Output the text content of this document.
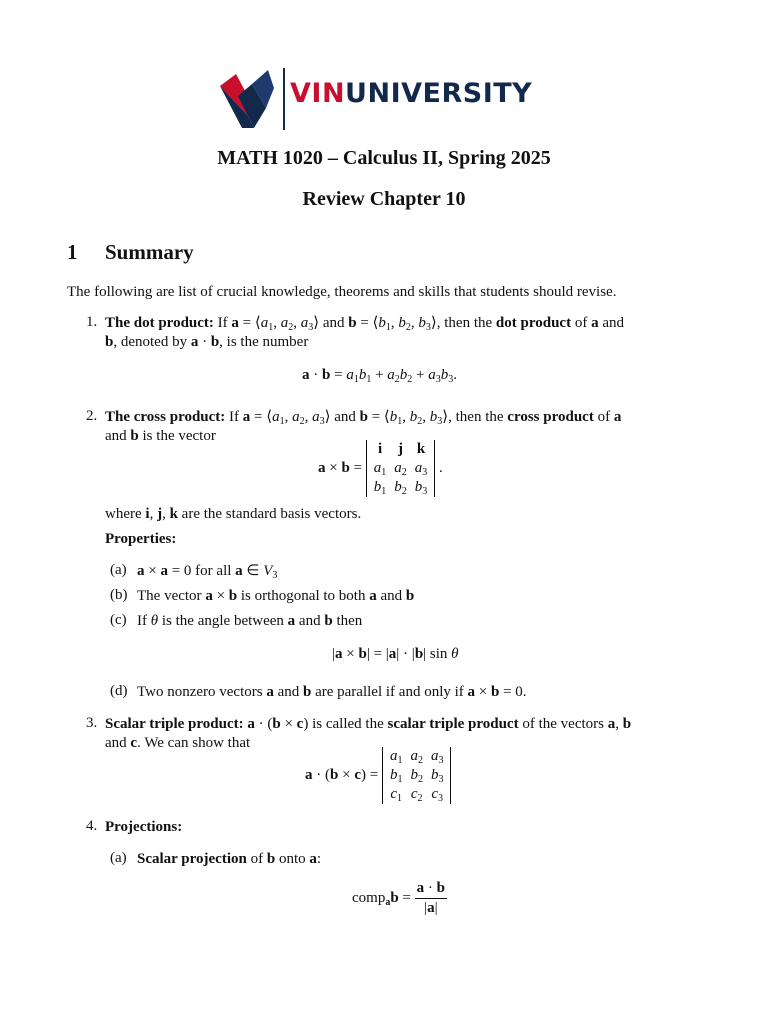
VINUNIVERSITY
MATH 1020 – Calculus II, Spring 2025
Review Chapter 10
1 Summary
The following are list of crucial knowledge, theorems and skills that students should revise.
1. The dot product: If $a = ⟨a_1$, $a_2$, $a_3⟩$ and $b = ⟨b_1$, $b_2$, $b_3⟩$, then the dot product of a and
b, denoted by a · b, is the number
$a \cdot b = a_1b_1 + a_2b_2 + a_3b_3$.
2. The cross product: If $a = ⟨a_1$, $a_2$, $a_3⟩$ and $b = ⟨b_1$, $b_2$, $b_3⟩$, then the cross product of a
and b is the vector
a × b =
i	j	k
$a_1$	$a_2$	$a_3$
$b_1$	$b_2$	$b_3$
.
where i, j, k are the standard basis vectors.
Properties:
(a) a × a = 0 for all a ∈ $V_3$
(b) The vector a × b is orthogonal to both a and b
(c) If θ is the angle between a and b then
|a × b| = |a| · |b| sin θ
(d) Two nonzero vectors a and b are parallel if and only if a × b = 0.
3. Scalar triple product: a · (b × c) is called the scalar triple product of the vectors a, b
and c. We can show that
a · (b × c) =
$a_1$	$a_2$	$a_3$
$b_1$	$b_2$	$b_3$
$c_1$	$c_2$	$c_3$
4. Projections:
(a) Scalar projection of b onto a:
comp$_a$b = $\frac{a \cdot b}{|a|}$
